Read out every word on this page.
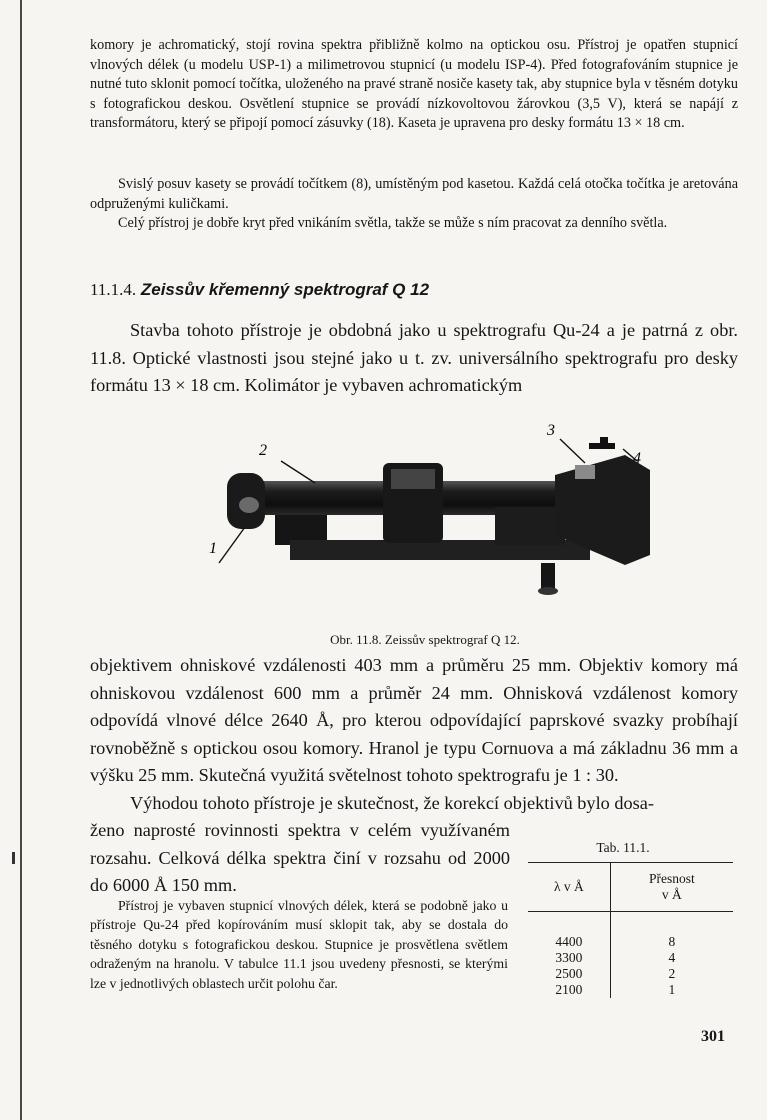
komory je achromatický, stojí rovina spektra přibližně kolmo na optickou osu. Přístroj je opatřen stupnicí vlnových délek (u modelu USP-1) a milimetrovou stupnicí (u modelu ISP-4). Před fotografováním stupnice je nutné tuto sklonit pomocí točítka, uloženého na pravé straně nosiče kasety tak, aby stupnice byla v těsném dotyku s fotografickou deskou. Osvětlení stupnice se provádí nízkovoltovou žárovkou (3,5 V), která se napájí z transformátoru, který se připojí pomocí zásuvky (18). Kaseta je upravena pro desky formátu 13 × 18 cm.

Svislý posuv kasety se provádí točítkem (8), umístěným pod kasetou. Každá celá otočka točítka je aretována odpruženými kuličkami.

Celý přístroj je dobře kryt před vnikáním světla, takže se může s ním pracovat za denního světla.

11.1.4. Zeissův křemenný spektrograf Q 12

Stavba tohoto přístroje je obdobná jako u spektrografu Qu-24 a je patrná z obr. 11.8. Optické vlastnosti jsou stejné jako u t. zv. universálního spektrografu pro desky formátu 13 × 18 cm. Kolimátor je vybaven achromatickým

1
2
3
4

Obr. 11.8. Zeissův spektrograf Q 12.

objektivem ohniskové vzdálenosti 403 mm a průměru 25 mm. Objektiv komory má ohniskovou vzdálenost 600 mm a průměr 24 mm. Ohnisková vzdálenost komory odpovídá vlnové délce 2640 Å, pro kterou odpovídající paprskové svazky probíhají rovnoběžně s optickou osou komory. Hranol je typu Cornuova a má základnu 36 mm a výšku 25 mm. Skutečná využitá světelnost tohoto spektrografu je 1 : 30.

Výhodou tohoto přístroje je skutečnost, že korekcí objektivů bylo dosa-

ženo naprosté rovinnosti spektra v celém využívaném rozsahu. Celková délka spektra činí v rozsahu od 2000 do 6000 Å 150 mm.

Přístroj je vybaven stupnicí vlnových délek, která se podobně jako u přístroje Qu-24 před kopírováním musí sklopit tak, aby se dostala do těsného dotyku s fotografickou deskou. Stupnice je prosvětlena světlem odraženým na hranolu. V tabulce 11.1 jsou uvedeny přesnosti, se kterými lze v jednotlivých oblastech určit polohu čar.

Tab. 11.1.

λ v Å	Přesnost
v Å
4400	8
3300	4
2500	2
2100	1

301
